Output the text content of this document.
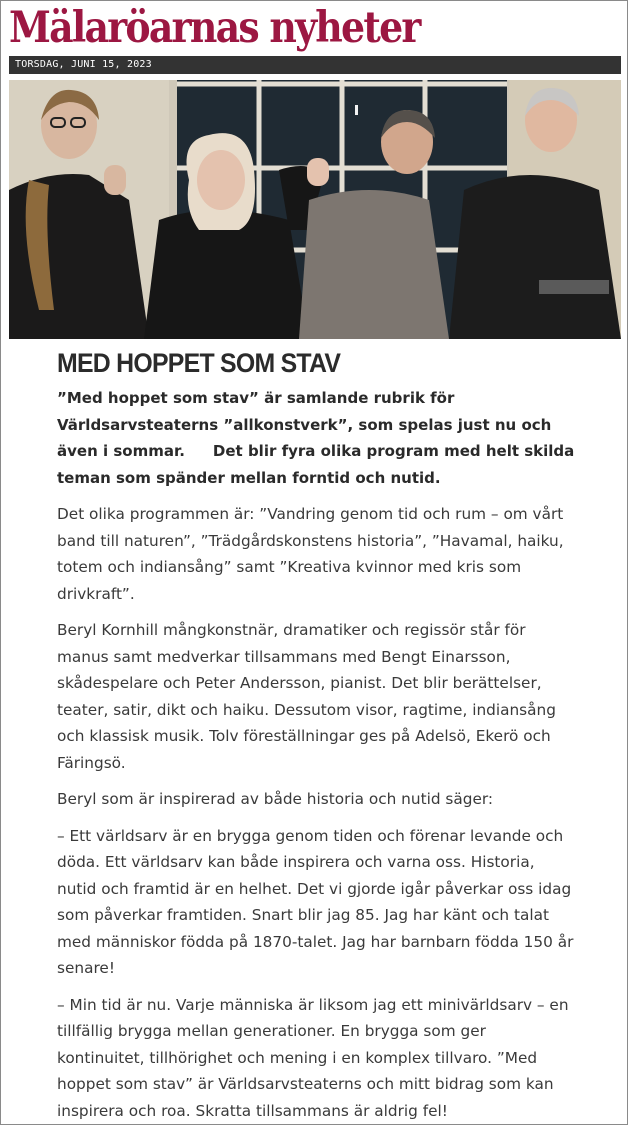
Mälaröarnas nyheter
TORSDAG, JUNI 15, 2023
MED HOPPET SOM STAV

”Med hoppet som stav” är samlande rubrik för Världsarvsteaterns ”allkonstverk”, som spelas just nu och även i sommar. Det blir fyra olika program med helt skilda teman som spänder mellan forntid och nutid.

Det olika programmen är: ”Vandring genom tid och rum – om vårt band till naturen”, ”Trädgårdskonstens historia”, ”Havamal, haiku, totem och indiansång” samt ”Kreativa kvinnor med kris som drivkraft”.

Beryl Kornhill mångkonstnär, dramatiker och regissör står för manus samt medverkar tillsammans med Bengt Einarsson, skådespelare och Peter Andersson, pianist. Det blir berättelser, teater, satir, dikt och haiku. Dessutom visor, ragtime, indiansång och klassisk musik. Tolv föreställningar ges på Adelsö, Ekerö och Färingsö.

Beryl som är inspirerad av både historia och nutid säger:

– Ett världsarv är en brygga genom tiden och förenar levande och döda. Ett världsarv kan både inspirera och varna oss. Historia, nutid och framtid är en helhet. Det vi gjorde igår påverkar oss idag som påverkar framtiden. Snart blir jag 85. Jag har känt och talat med människor födda på 1870-talet. Jag har barnbarn födda 150 år senare!

– Min tid är nu. Varje människa är liksom jag ett minivärldsarv – en tillfällig brygga mellan generationer. En brygga som ger kontinuitet, tillhörighet och mening i en komplex tillvaro. ”Med hoppet som stav” är Världsarvsteaterns och mitt bidrag som kan inspirera och roa. Skratta tillsammans är aldrig fel!
